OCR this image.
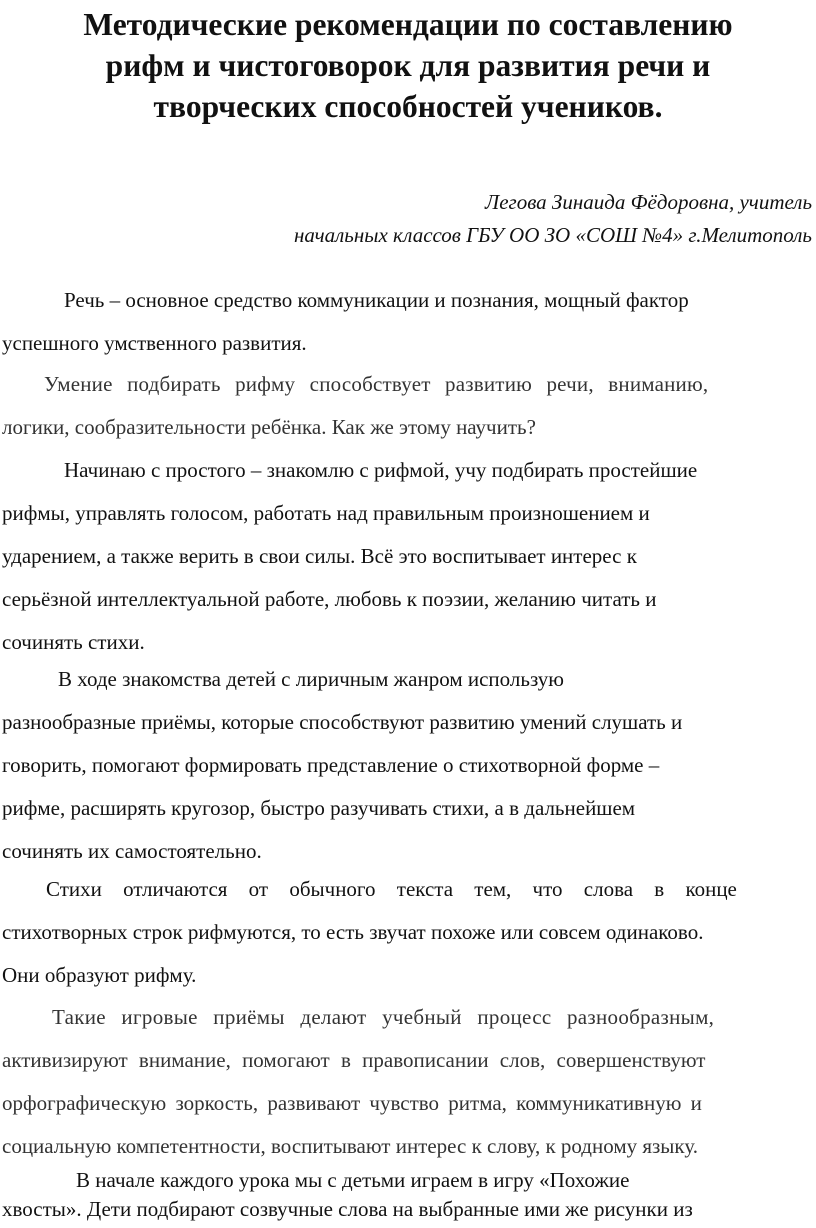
Методические рекомендации по составлению
рифм и чистоговорок для развития речи и
творческих способностей учеников.
Легова Зинаида Фёдоровна, учитель
начальных классов ГБУ ОО ЗО «СОШ №4» г.Мелитополь
Речь – основное средство коммуникации и познания, мощный фактор
успешного умственного развития.
Умение подбирать рифму способствует развитию речи, вниманию,
логики, сообразительности ребёнка. Как же этому научить?
Начинаю с простого – знакомлю с рифмой, учу подбирать простейшие
рифмы, управлять голосом, работать над правильным произношением и
ударением, а также верить в свои силы. Всё это воспитывает интерес к
серьёзной интеллектуальной работе, любовь к поэзии, желанию читать и
сочинять стихи.
В ходе знакомства детей с лиричным жанром использую
разнообразные приёмы, которые способствуют развитию умений слушать и
говорить, помогают формировать представление о стихотворной форме –
рифме, расширять кругозор, быстро разучивать стихи, а в дальнейшем
сочинять их самостоятельно.
Стихи отличаются от обычного текста тем, что слова в конце
стихотворных строк рифмуются, то есть звучат похоже или совсем одинаково.
Они образуют рифму.
Такие игровые приёмы делают учебный процесс разнообразным,
активизируют внимание, помогают в правописании слов, совершенствуют
орфографическую зоркость, развивают чувство ритма, коммуникативную и
социальную компетентности, воспитывают интерес к слову, к родному языку.
В начале каждого урока мы с детьми играем в игру «Похожие
хвосты». Дети подбирают созвучные слова на выбранные ими же рисунки из
